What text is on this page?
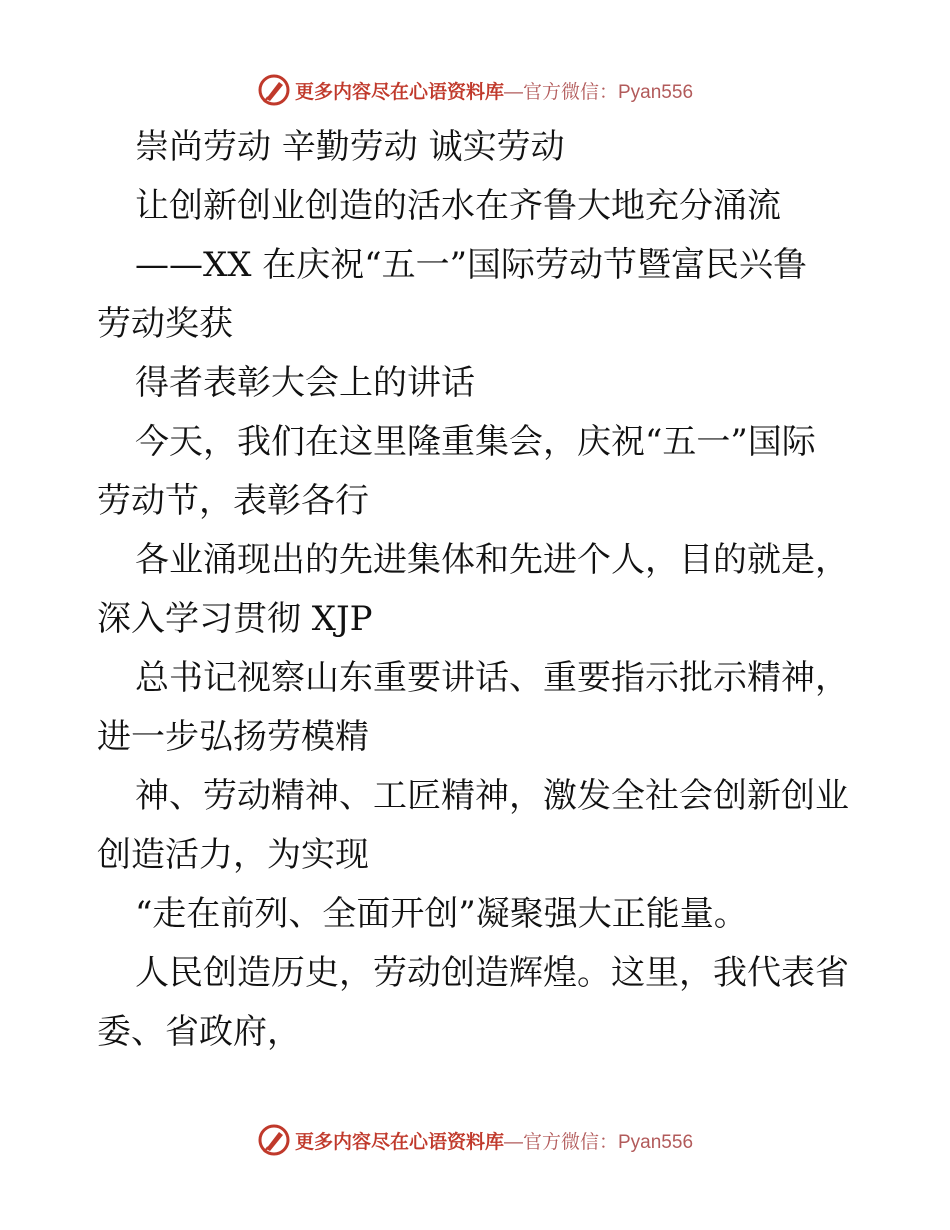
更多内容尽在心语资料库 —官方微信：Pyan556
崇尚劳动 辛勤劳动 诚实劳动
让创新创业创造的活水在齐鲁大地充分涌流
——XX 在庆祝“五一”国际劳动节暨富民兴鲁
劳动奖获
得者表彰大会上的讲话
今天，我们在这里隆重集会，庆祝“五一”国际
劳动节，表彰各行
各业涌现出的先进集体和先进个人，目的就是，
深入学习贯彻 XJP
总书记视察山东重要讲话、重要指示批示精神，
进一步弘扬劳模精
神、劳动精神、工匠精神，激发全社会创新创业
创造活力，为实现
“走在前列、全面开创”凝聚强大正能量。
人民创造历史，劳动创造辉煌。这里，我代表省
委、省政府，
更多内容尽在心语资料库 —官方微信：Pyan556
